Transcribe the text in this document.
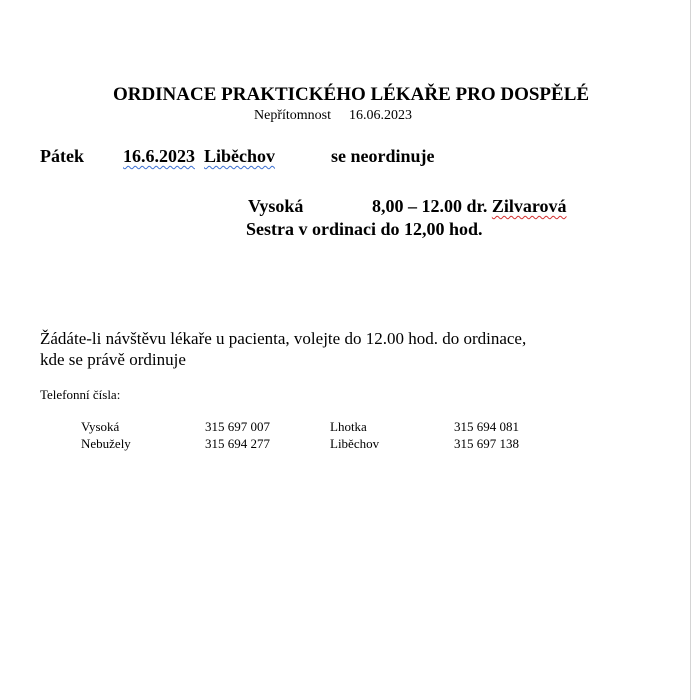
ORDINACE PRAKTICKÉHO LÉKAŘE PRO DOSPĚLÉ
Nepřítomnost 16.06.2023
Pátek 16.6.2023 Liběchov	se neordinuje
Vysoká	8,00 – 12.00 dr. Zilvarová
Sestra v ordinaci do 12,00 hod.
Žádáte-li návštěvu lékaře u pacienta, volejte do 12.00 hod. do ordinace,
kde se právě ordinuje
Telefonní čísla:
Vysoká	315 697 007	Lhotka	315 694 081
Nebužely	315 694 277	Liběchov	315 697 138
